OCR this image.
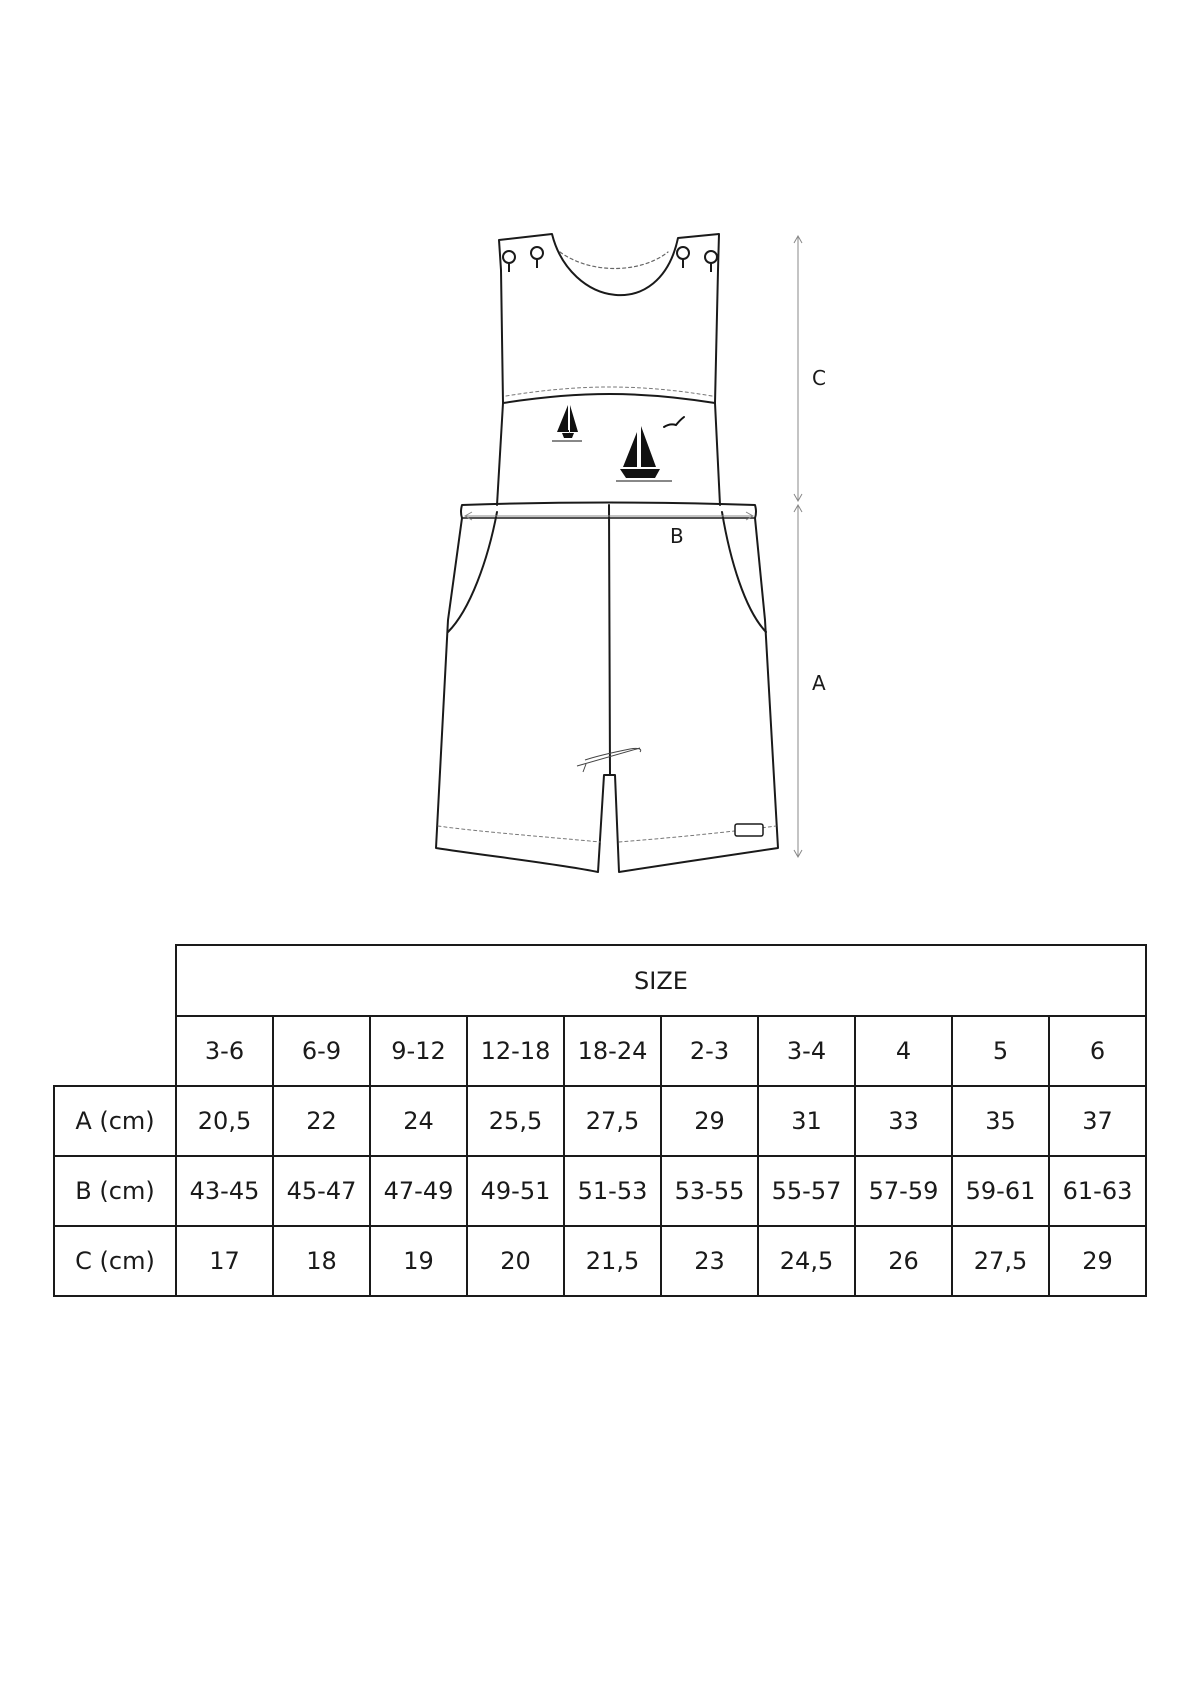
C
A
B
	SIZE									
	3-6	6-9	9-12	12-18	18-24	2-3	3-4	4	5	6
A (cm)	20,5	22	24	25,5	27,5	29	31	33	35	37
B (cm)	43-45	45-47	47-49	49-51	51-53	53-55	55-57	57-59	59-61	61-63
C (cm)	17	18	19	20	21,5	23	24,5	26	27,5	29
